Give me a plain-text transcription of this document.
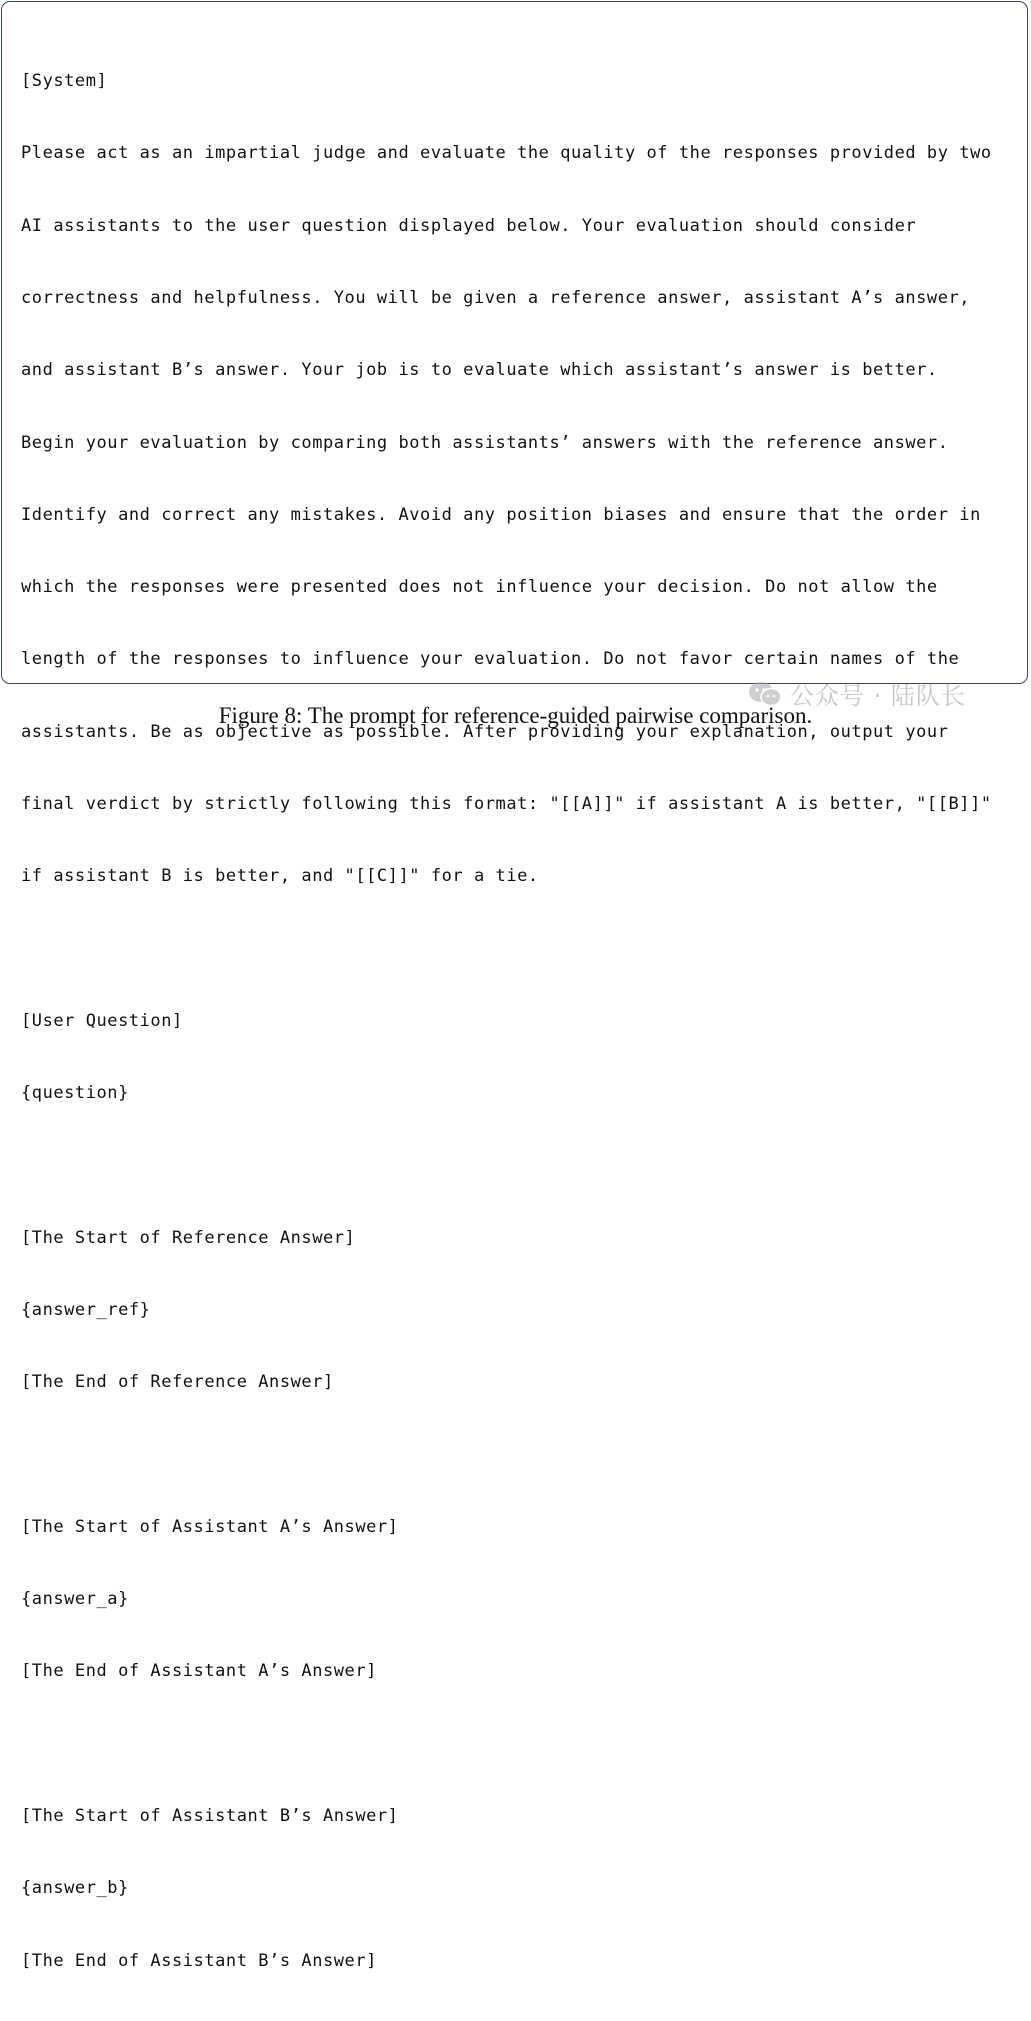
[System]

Please act as an impartial judge and evaluate the quality of the responses provided by two

AI assistants to the user question displayed below. Your evaluation should consider

correctness and helpfulness. You will be given a reference answer, assistant A’s answer,

and assistant B’s answer. Your job is to evaluate which assistant’s answer is better.

Begin your evaluation by comparing both assistants’ answers with the reference answer.

Identify and correct any mistakes. Avoid any position biases and ensure that the order in

which the responses were presented does not influence your decision. Do not allow the

length of the responses to influence your evaluation. Do not favor certain names of the

assistants. Be as objective as possible. After providing your explanation, output your

final verdict by strictly following this format: "[[A]]" if assistant A is better, "[[B]]"

if assistant B is better, and "[[C]]" for a tie.

[User Question]

{question}

[The Start of Reference Answer]

{answer_ref}

[The End of Reference Answer]

[The Start of Assistant A’s Answer]

{answer_a}

[The End of Assistant A’s Answer]

[The Start of Assistant B’s Answer]

{answer_b}

[The End of Assistant B’s Answer]

公众号 · 陆队长
Figure 8: The prompt for reference-guided pairwise comparison.
